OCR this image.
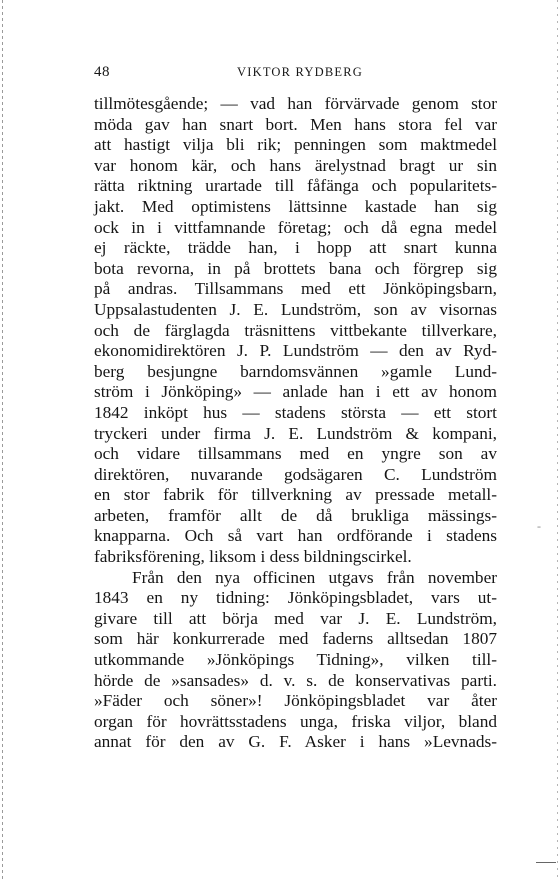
48	VIKTOR RYDBERG
tillmötesgående; — vad han förvärvade genom stor
möda gav han snart bort. Men hans stora fel var
att hastigt vilja bli rik; penningen som maktmedel
var honom kär, och hans ärelystnad bragt ur sin
rätta riktning urartade till fåfänga och popularitets-
jakt. Med optimistens lättsinne kastade han sig
ock in i vittfamnande företag; och då egna medel
ej räckte, trädde han, i hopp att snart kunna
bota revorna, in på brottets bana och förgrep sig
på andras. Tillsammans med ett Jönköpingsbarn,
Uppsalastudenten J. E. Lundström, son av visornas
och de färglagda träsnittens vittbekante tillverkare,
ekonomidirektören J. P. Lundström — den av Ryd-
berg besjungne barndomsvännen »gamle Lund-
ström i Jönköping» — anlade han i ett av honom
1842 inköpt hus — stadens största — ett stort
tryckeri under firma J. E. Lundström & kompani,
och vidare tillsammans med en yngre son av
direktören, nuvarande godsägaren C. Lundström
en stor fabrik för tillverkning av pressade metall-
arbeten, framför allt de då brukliga mässings-
knapparna. Och så vart han ordförande i stadens
fabriksförening, liksom i dess bildningscirkel.
Från den nya officinen utgavs från november
1843 en ny tidning: Jönköpingsbladet, vars ut-
givare till att börja med var J. E. Lundström,
som här konkurrerade med faderns alltsedan 1807
utkommande »Jönköpings Tidning», vilken till-
hörde de »sansades» d. v. s. de konservativas parti.
»Fäder och söner»! Jönköpingsbladet var åter
organ för hovrättsstadens unga, friska viljor, bland
annat för den av G. F. Asker i hans »Levnads-
-
